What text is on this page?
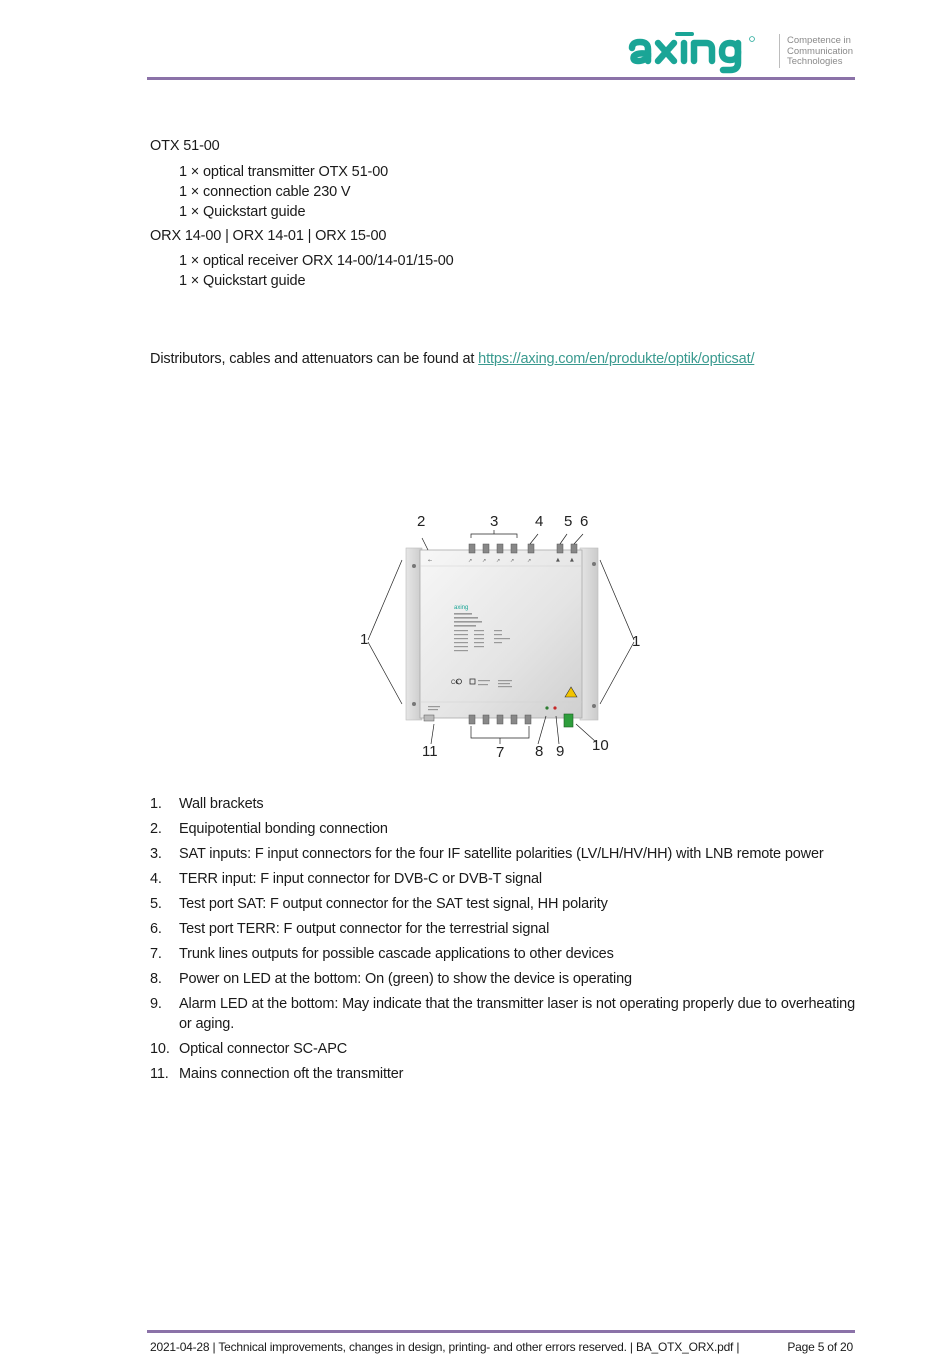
Competence in
Communication
Technologies
OTX 51-00
1 × optical transmitter OTX 51-00
1 × connection cable 230 V
1 × Quickstart guide
ORX 14-00 | ORX 14-01 | ORX 15-00
1 × optical receiver ORX 14-00/14-01/15-00
1 × Quickstart guide
Distributors, cables and attenuators can be found at https://axing.com/en/produkte/optik/opticsat/
↗ ↗ ↗ ↗	↗	▲ ▲
←
axing
C€
1
2	3 4 5 6
7 8 9 10
11
1
1. Wall brackets
2. Equipotential bonding connection
3. SAT inputs: F input connectors for the four IF satellite polarities (LV/LH/HV/HH) with LNB remote power
4. TERR input: F input connector for DVB-C or DVB-T signal
5. Test port SAT: F output connector for the SAT test signal, HH polarity
6. Test port TERR: F output connector for the terrestrial signal
7. Trunk lines outputs for possible cascade applications to other devices
8. Power on LED at the bottom: On (green) to show the device is operating
9. Alarm LED at the bottom: May indicate that the transmitter laser is not operating properly due to overheating or aging.
10. Optical connector SC-APC
11. Mains connection oft the transmitter
2021-04-28 | Technical improvements, changes in design, printing- and other errors reserved. | BA_OTX_ORX.pdf |	Page 5 of 20
